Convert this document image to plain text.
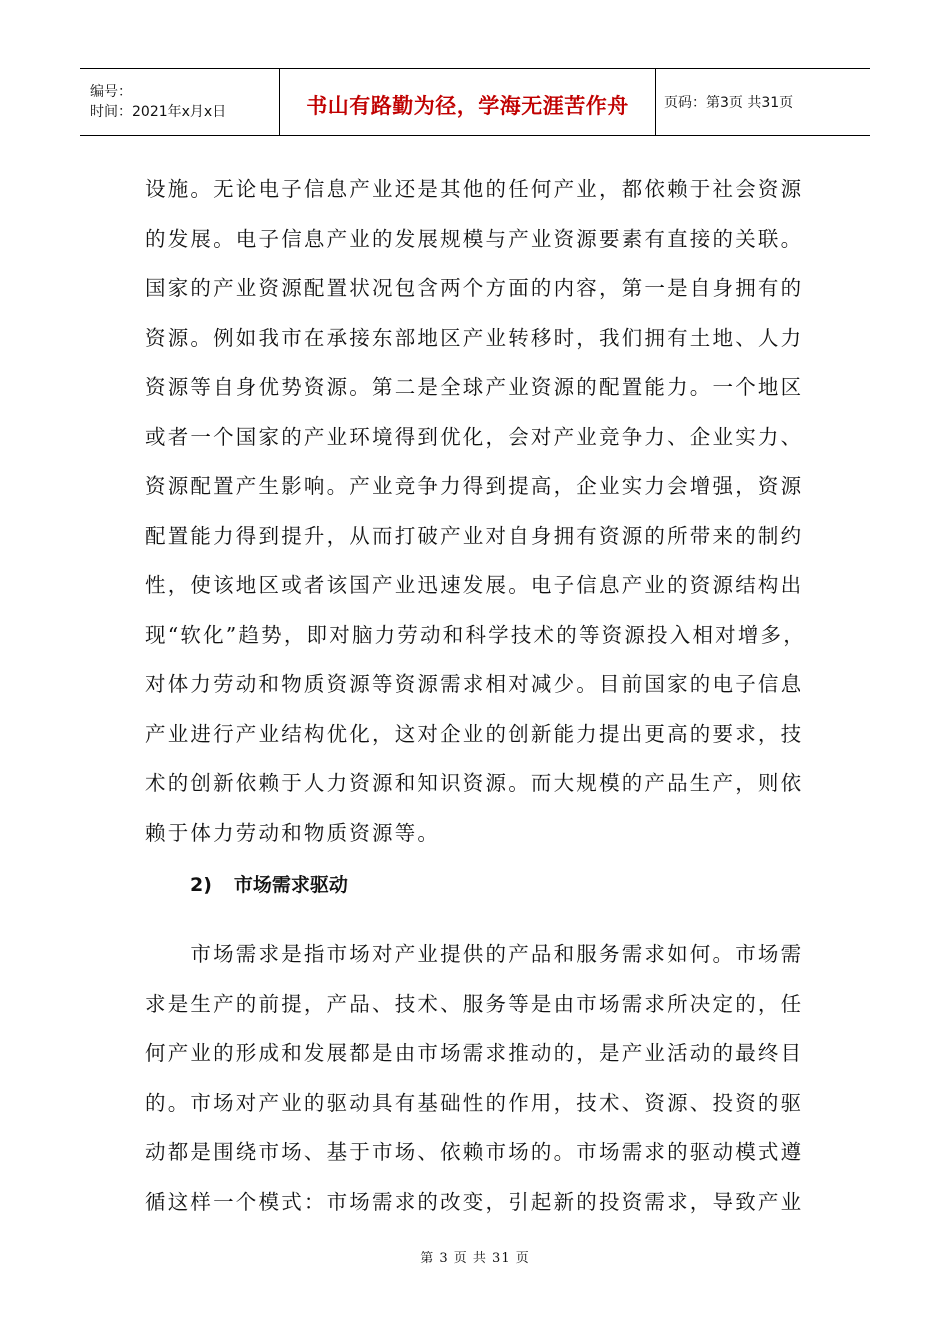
编号：
时间：2021年x月x日	书山有路勤为径，学海无涯苦作舟	页码：第3页 共31页
设施。无论电子信息产业还是其他的任何产业，都依赖于社会资源
的发展。电子信息产业的发展规模与产业资源要素有直接的关联。
国家的产业资源配置状况包含两个方面的内容，第一是自身拥有的
资源。例如我市在承接东部地区产业转移时，我们拥有土地、人力
资源等自身优势资源。第二是全球产业资源的配置能力。一个地区
或者一个国家的产业环境得到优化，会对产业竞争力、企业实力、
资源配置产生影响。产业竞争力得到提高，企业实力会增强，资源
配置能力得到提升，从而打破产业对自身拥有资源的所带来的制约
性，使该地区或者该国产业迅速发展。电子信息产业的资源结构出
现“软化”趋势，即对脑力劳动和科学技术的等资源投入相对增多，
对体力劳动和物质资源等资源需求相对减少。目前国家的电子信息
产业进行产业结构优化，这对企业的创新能力提出更高的要求，技
术的创新依赖于人力资源和知识资源。而大规模的产品生产，则依
赖于体力劳动和物质资源等。
2) 市场需求驱动
　　市场需求是指市场对产业提供的产品和服务需求如何。市场需
求是生产的前提，产品、技术、服务等是由市场需求所决定的，任
何产业的形成和发展都是由市场需求推动的，是产业活动的最终目
的。市场对产业的驱动具有基础性的作用，技术、资源、投资的驱
动都是围绕市场、基于市场、依赖市场的。市场需求的驱动模式遵
循这样一个模式：市场需求的改变，引起新的投资需求，导致产业
第 3 页 共 31 页
